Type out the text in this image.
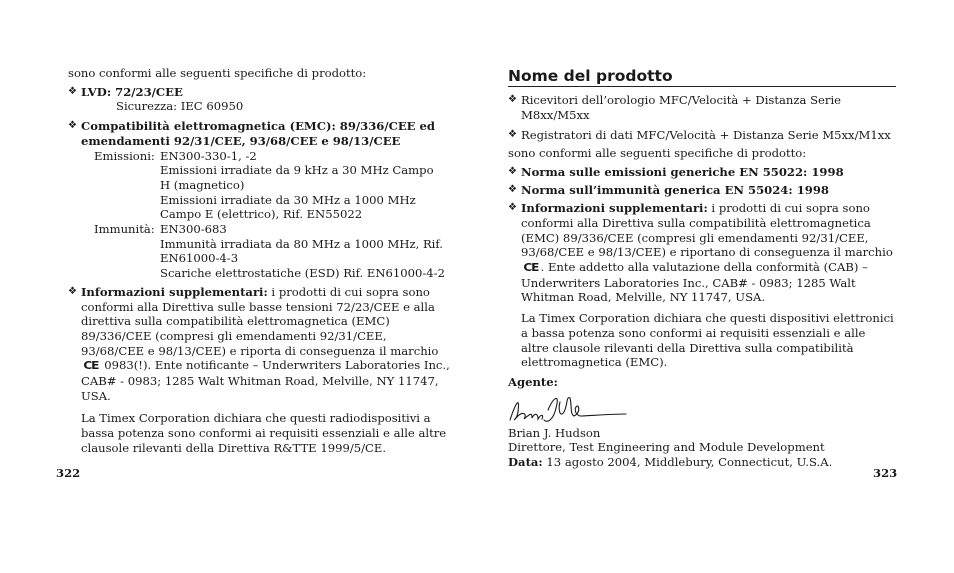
sono conformi alle seguenti specifiche di prodotto:

❖ LVD: 72/23/CEE

Sicurezza: IEC 60950

❖ Compatibilità elettromagnetica (EMC): 89/336/CEE ed

emendamenti 92/31/CEE, 93/68/CEE e 98/13/CEE

Emissioni: EN300-330-1, -2

Emissioni irradiate da 9 kHz a 30 MHz Campo

H (magnetico)

Emissioni irradiate da 30 MHz a 1000 MHz

Campo E (elettrico), Rif. EN55022

Immunità: EN300-683

Immunità irradiata da 80 MHz a 1000 MHz, Rif.

EN61000-4-3

Scariche elettrostatiche (ESD) Rif. EN61000-4-2

❖ Informazioni supplementari: i prodotti di cui sopra sono conformi alla Direttiva sulle basse tensioni 72/23/CEE e alla direttiva sulla compatibilità elettromagnetica (EMC) 89/336/CEE (compresi gli emendamenti 92/31/CEE, 93/68/CEE e 98/13/CEE) e riporta di conseguenza il marchio CE 0983(!). Ente notificante – Underwriters Laboratories Inc., CAB# - 0983; 1285 Walt Whitman Road, Melville, NY 11747, USA.

La Timex Corporation dichiara che questi radiodispositivi a bassa potenza sono conformi ai requisiti essenziali e alle altre clausole rilevanti della Direttiva R&TTE 1999/5/CE.

322
Nome del prodotto
❖ Ricevitori dell’orologio MFC/Velocità + Distanza Serie M8xx/M5xx

❖ Registratori di dati MFC/Velocità + Distanza Serie M5xx/M1xx

sono conformi alle seguenti specifiche di prodotto:

❖ Norma sulle emissioni generiche EN 55022: 1998

❖ Norma sull’immunità generica EN 55024: 1998

❖ Informazioni supplementari: i prodotti di cui sopra sono conformi alla Direttiva sulla compatibilità elettromagnetica (EMC) 89/336/CEE (compresi gli emendamenti 92/31/CEE, 93/68/CEE e 98/13/CEE) e riportano di conseguenza il marchio CE . Ente addetto alla valutazione della conformità (CAB) – Underwriters Laboratories Inc., CAB# - 0983; 1285 Walt Whitman Road, Melville, NY 11747, USA.

La Timex Corporation dichiara che questi dispositivi elettronici a bassa potenza sono conformi ai requisiti essenziali e alle altre clausole rilevanti della Direttiva sulla compatibilità elettromagnetica (EMC).

Agente:

Brian J. Hudson

Direttore, Test Engineering and Module Development

Data: 13 agosto 2004, Middlebury, Connecticut, U.S.A.

323
